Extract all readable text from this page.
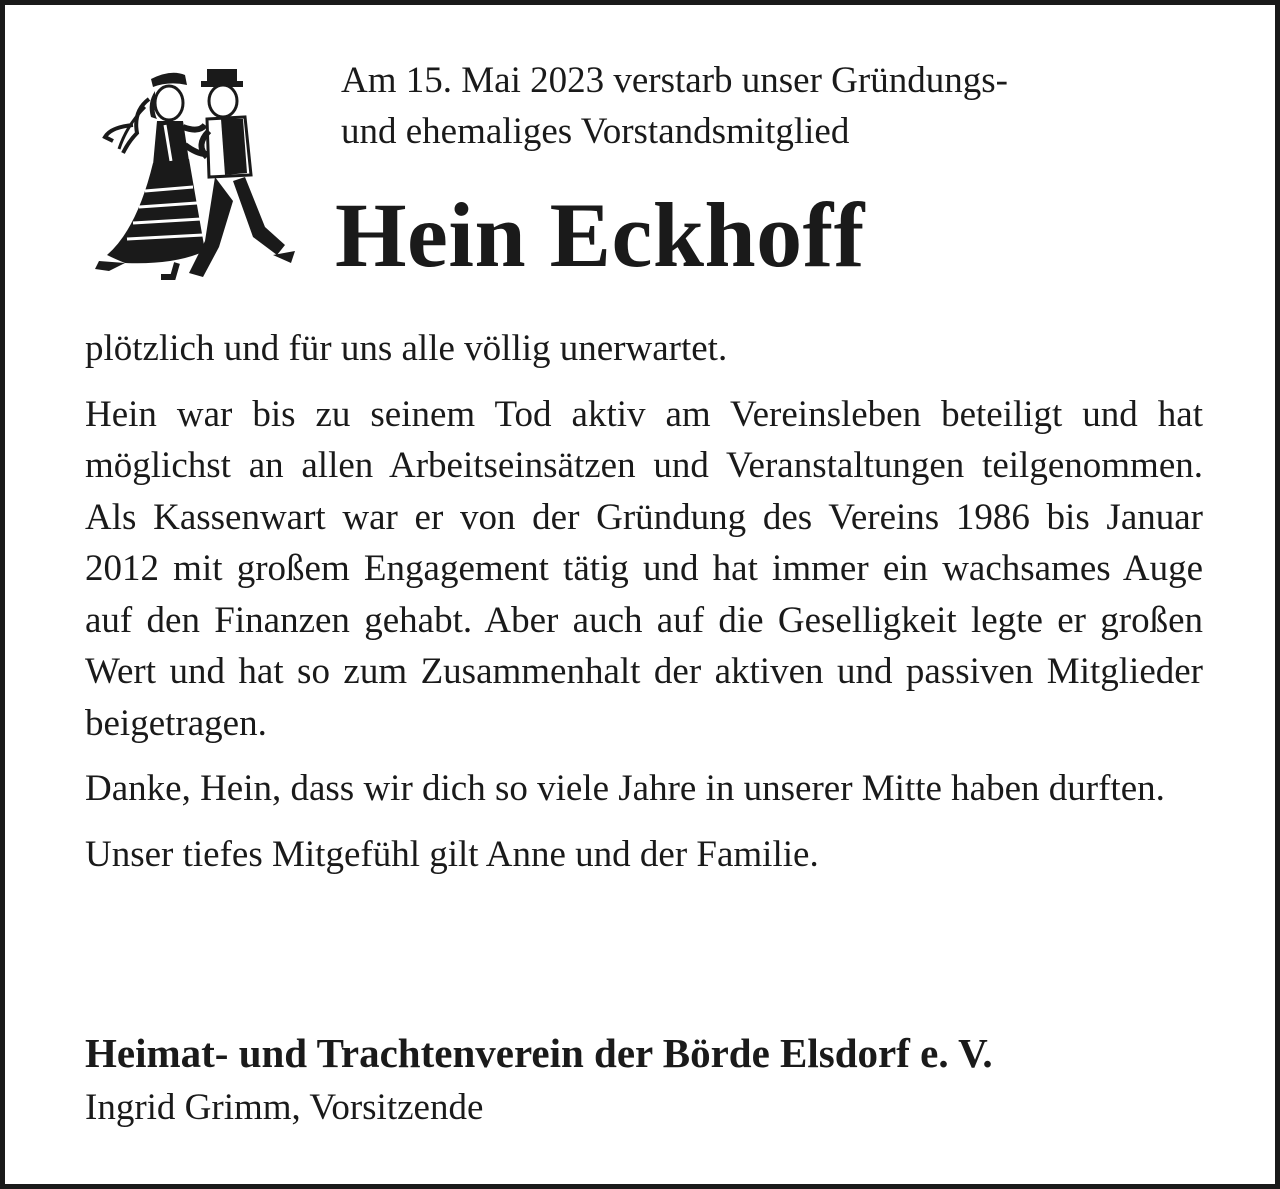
Am 15. Mai 2023 verstarb unser Gründungs-
und ehemaliges Vorstandsmitglied
Hein Eckhoff

plötzlich und für uns alle völlig unerwartet.

Hein war bis zu seinem Tod aktiv am Vereinsleben beteiligt und hat möglichst an allen Arbeitseinsätzen und Veranstaltungen teilgenommen. Als Kassenwart war er von der Gründung des Vereins 1986 bis Januar 2012 mit großem Engagement tätig und hat immer ein wachsames Auge auf den Finanzen gehabt. Aber auch auf die Geselligkeit legte er großen Wert und hat so zum Zusammenhalt der aktiven und passiven Mitglieder beigetragen.

Danke, Hein, dass wir dich so viele Jahre in unserer Mitte haben durften.

Unser tiefes Mitgefühl gilt Anne und der Familie.

Heimat- und Trachtenverein der Börde Elsdorf e. V.
Ingrid Grimm, Vorsitzende
